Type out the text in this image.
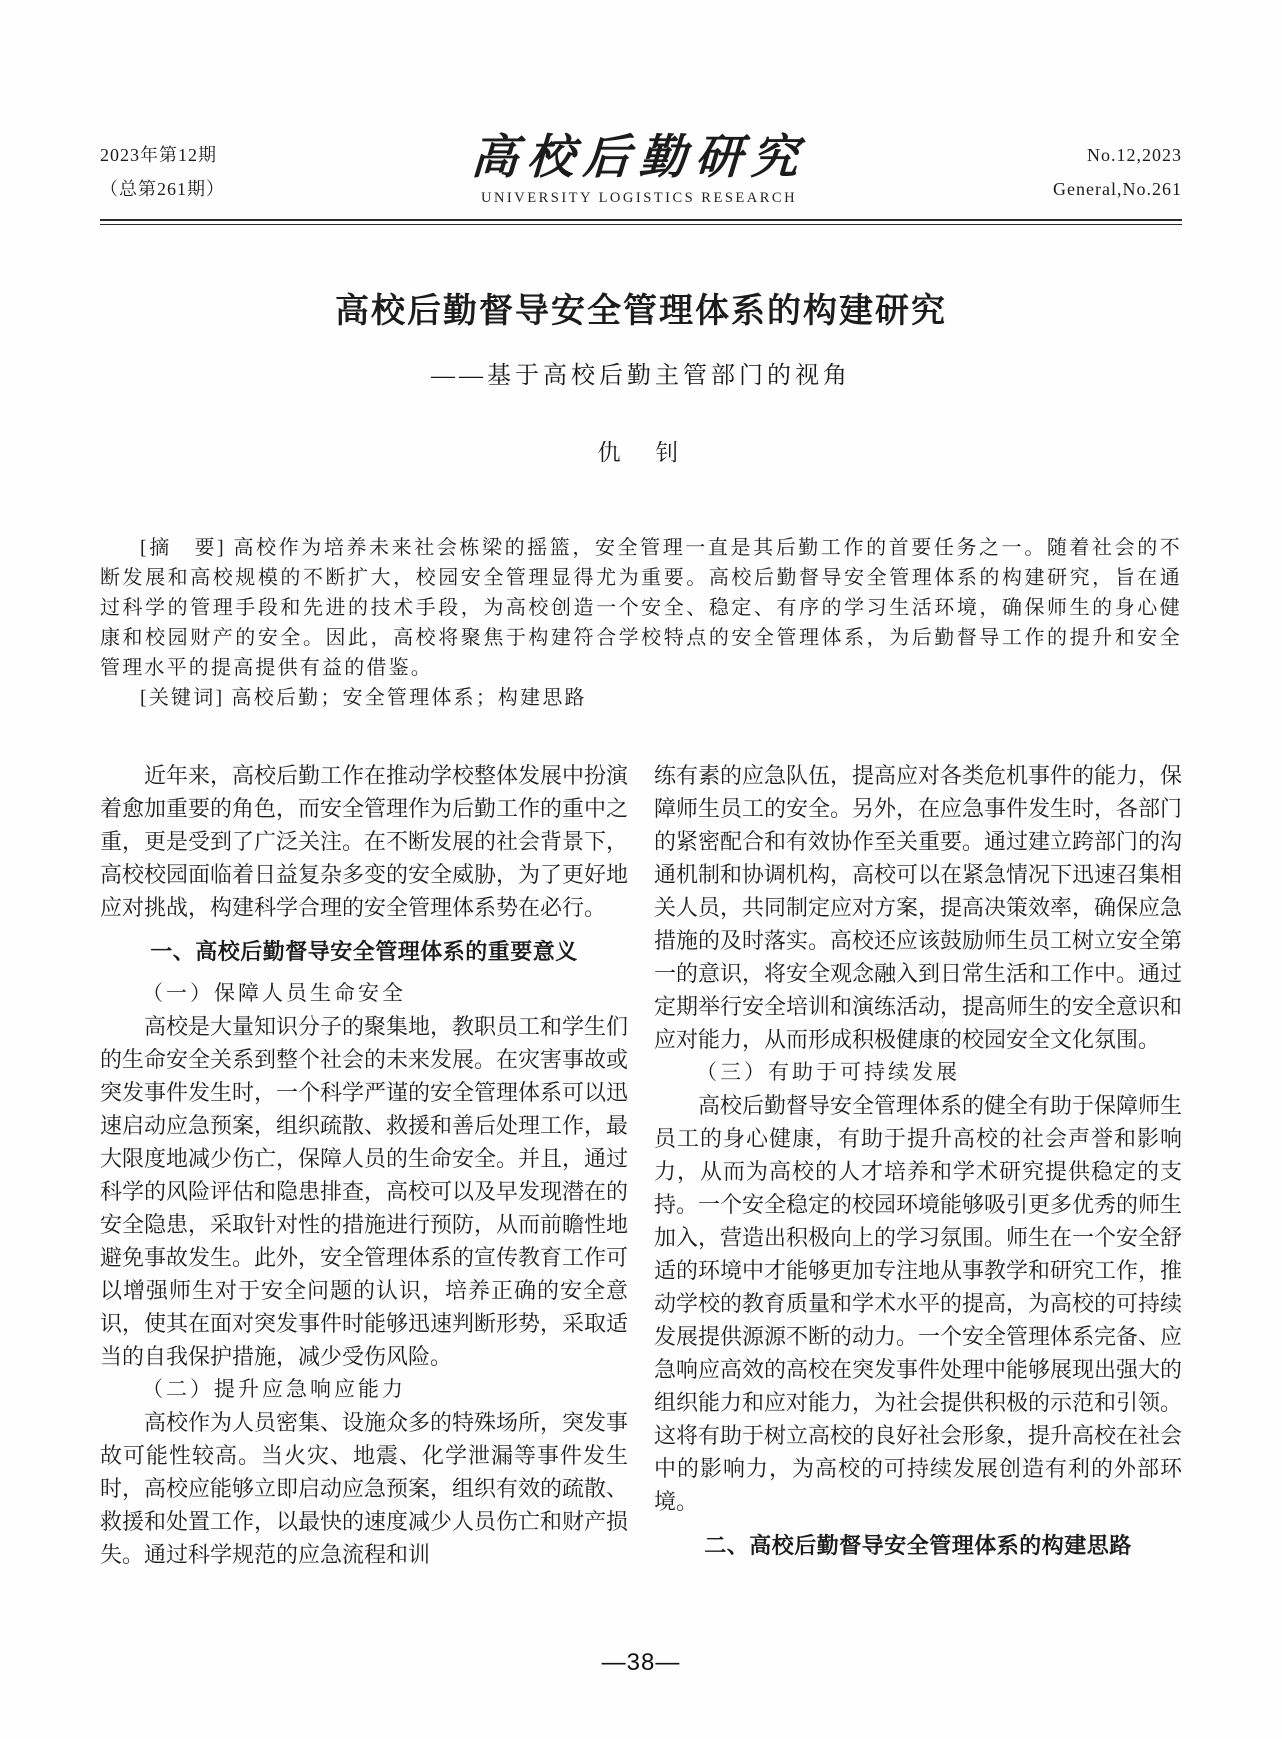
2023年第12期
（总第261期）
高校后勤研究
UNIVERSITY LOGISTICS RESEARCH
No.12,2023
General,No.261
高校后勤督导安全管理体系的构建研究
——基于高校后勤主管部门的视角
仇　钊

[摘　要] 高校作为培养未来社会栋梁的摇篮，安全管理一直是其后勤工作的首要任务之一。随着社会的不断发展和高校规模的不断扩大，校园安全管理显得尤为重要。高校后勤督导安全管理体系的构建研究，旨在通过科学的管理手段和先进的技术手段，为高校创造一个安全、稳定、有序的学习生活环境，确保师生的身心健康和校园财产的安全。因此，高校将聚焦于构建符合学校特点的安全管理体系，为后勤督导工作的提升和安全管理水平的提高提供有益的借鉴。

[关键词] 高校后勤；安全管理体系；构建思路

近年来，高校后勤工作在推动学校整体发展中扮演着愈加重要的角色，而安全管理作为后勤工作的重中之重，更是受到了广泛关注。在不断发展的社会背景下，高校校园面临着日益复杂多变的安全威胁，为了更好地应对挑战，构建科学合理的安全管理体系势在必行。

一、高校后勤督导安全管理体系的重要意义

（一）保障人员生命安全

高校是大量知识分子的聚集地，教职员工和学生们的生命安全关系到整个社会的未来发展。在灾害事故或突发事件发生时，一个科学严谨的安全管理体系可以迅速启动应急预案，组织疏散、救援和善后处理工作，最大限度地减少伤亡，保障人员的生命安全。并且，通过科学的风险评估和隐患排查，高校可以及早发现潜在的安全隐患，采取针对性的措施进行预防，从而前瞻性地避免事故发生。此外，安全管理体系的宣传教育工作可以增强师生对于安全问题的认识，培养正确的安全意识，使其在面对突发事件时能够迅速判断形势，采取适当的自我保护措施，减少受伤风险。

（二）提升应急响应能力

高校作为人员密集、设施众多的特殊场所，突发事故可能性较高。当火灾、地震、化学泄漏等事件发生时，高校应能够立即启动应急预案，组织有效的疏散、救援和处置工作，以最快的速度减少人员伤亡和财产损失。通过科学规范的应急流程和训

练有素的应急队伍，提高应对各类危机事件的能力，保障师生员工的安全。另外，在应急事件发生时，各部门的紧密配合和有效协作至关重要。通过建立跨部门的沟通机制和协调机构，高校可以在紧急情况下迅速召集相关人员，共同制定应对方案，提高决策效率，确保应急措施的及时落实。高校还应该鼓励师生员工树立安全第一的意识，将安全观念融入到日常生活和工作中。通过定期举行安全培训和演练活动，提高师生的安全意识和应对能力，从而形成积极健康的校园安全文化氛围。

（三）有助于可持续发展

高校后勤督导安全管理体系的健全有助于保障师生员工的身心健康，有助于提升高校的社会声誉和影响力，从而为高校的人才培养和学术研究提供稳定的支持。一个安全稳定的校园环境能够吸引更多优秀的师生加入，营造出积极向上的学习氛围。师生在一个安全舒适的环境中才能够更加专注地从事教学和研究工作，推动学校的教育质量和学术水平的提高，为高校的可持续发展提供源源不断的动力。一个安全管理体系完备、应急响应高效的高校在突发事件处理中能够展现出强大的组织能力和应对能力，为社会提供积极的示范和引领。这将有助于树立高校的良好社会形象，提升高校在社会中的影响力，为高校的可持续发展创造有利的外部环境。

二、高校后勤督导安全管理体系的构建思路
—38—
